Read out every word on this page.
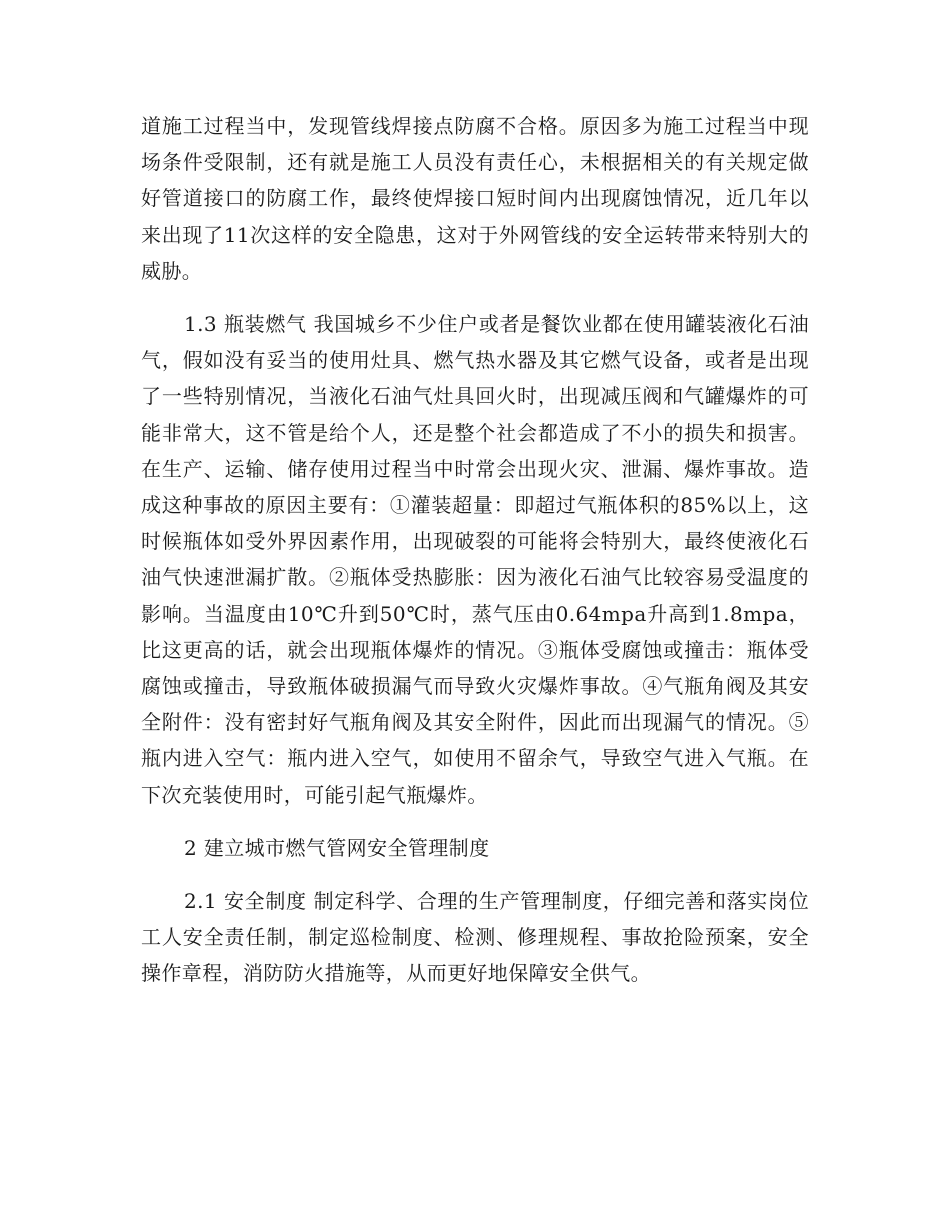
道施工过程当中，发现管线焊接点防腐不合格。原因多为施工过程当中现场条件受限制，还有就是施工人员没有责任心，未根据相关的有关规定做好管道接口的防腐工作，最终使焊接口短时间内出现腐蚀情况，近几年以来出现了11次这样的安全隐患，这对于外网管线的安全运转带来特别大的威胁。

1.3 瓶装燃气 我国城乡不少住户或者是餐饮业都在使用罐装液化石油气，假如没有妥当的使用灶具、燃气热水器及其它燃气设备，或者是出现了一些特别情况，当液化石油气灶具回火时，出现减压阀和气罐爆炸的可能非常大，这不管是给个人，还是整个社会都造成了不小的损失和损害。在生产、运输、储存使用过程当中时常会出现火灾、泄漏、爆炸事故。造成这种事故的原因主要有：①灌装超量：即超过气瓶体积的85%以上，这时候瓶体如受外界因素作用，出现破裂的可能将会特别大，最终使液化石油气快速泄漏扩散。②瓶体受热膨胀：因为液化石油气比较容易受温度的影响。当温度由10℃升到50℃时，蒸气压由0.64mpa升高到1.8mpa，比这更高的话，就会出现瓶体爆炸的情况。③瓶体受腐蚀或撞击：瓶体受腐蚀或撞击，导致瓶体破损漏气而导致火灾爆炸事故。④气瓶角阀及其安全附件：没有密封好气瓶角阀及其安全附件，因此而出现漏气的情况。⑤瓶内进入空气：瓶内进入空气，如使用不留余气，导致空气进入气瓶。在下次充装使用时，可能引起气瓶爆炸。

2 建立城市燃气管网安全管理制度

2.1 安全制度 制定科学、合理的生产管理制度，仔细完善和落实岗位工人安全责任制，制定巡检制度、检测、修理规程、事故抢险预案，安全操作章程，消防防火措施等，从而更好地保障安全供气。
